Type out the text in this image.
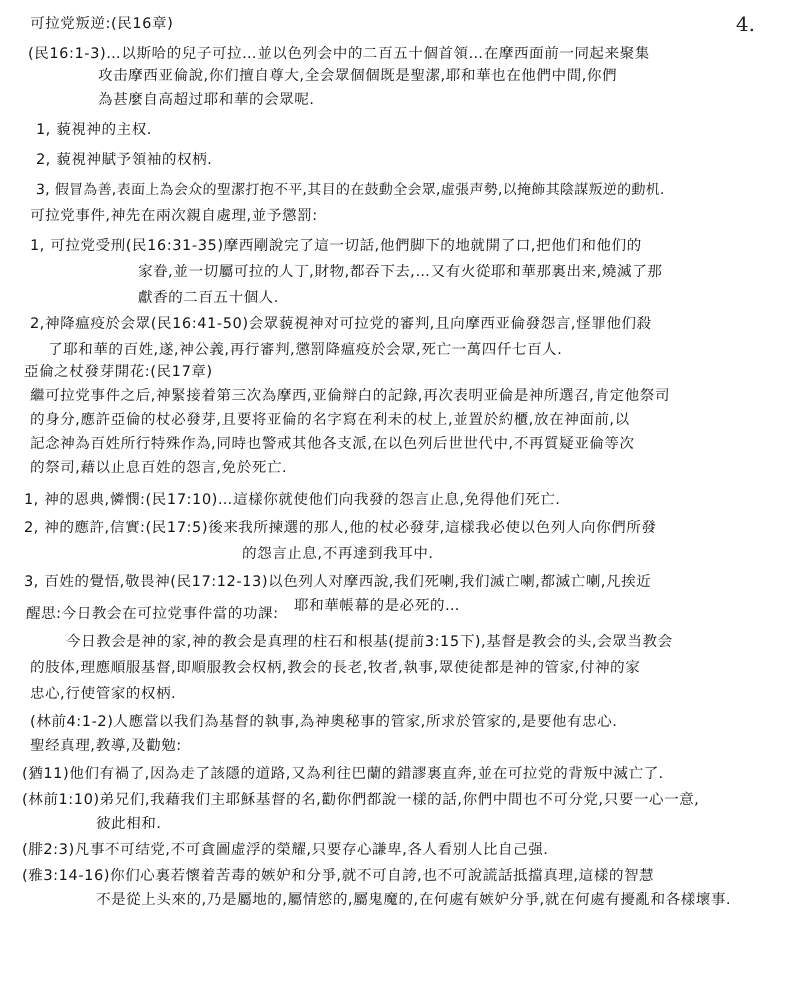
4.
可拉党叛逆:(民16章)
(民16:1-3)…以斯哈的兒子可拉…並以色列会中的二百五十個首領…在摩西面前一同起来聚集
攻击摩西亚倫說,你们擅自尊大,全会眾個個既是聖潔,耶和華也在他們中間,你們
為甚麼自高超过耶和華的会眾呢.
1, 藐視神的主权.
2, 藐視神賦予領袖的权柄.
3, 假冒為善,表面上為会众的聖潔打抱不平,其目的在鼓動全会眾,虛張声勢,以掩飾其陰謀叛逆的動机.
可拉党事件,神先在兩次親自處理,並予懲罰:
1, 可拉党受刑(民16:31-35)摩西剛說完了這一切話,他們脚下的地就開了口,把他们和他们的
家眷,並一切屬可拉的人丁,財物,都吞下去,…又有火從耶和華那裏出来,燒滅了那
獻香的二百五十個人.
2,神降瘟疫於会眾(民16:41-50)会眾藐視神对可拉党的審判,且向摩西亚倫發怨言,怪罪他们殺
了耶和華的百姓,遂,神公義,再行審判,懲罰降瘟疫於会眾,死亡一萬四仟七百人.
亞倫之杖發芽開花:(民17章)
繼可拉党事件之后,神緊接着第三次為摩西,亚倫辩白的記錄,再次表明亚倫是神所選召,肯定他祭司
的身分,應許亞倫的杖必發芽,且要将亚倫的名字寫在利未的杖上,並置於約櫃,放在神面前,以
記念神為百姓所行特殊作為,同時也警戒其他各支派,在以色列后世世代中,不再質疑亚倫等次
的祭司,藉以止息百姓的怨言,免於死亡.
1, 神的恩典,憐憫:(民17:10)…這樣你就使他们向我發的怨言止息,免得他们死亡.
2, 神的應許,信實:(民17:5)後来我所揀選的那人,他的杖必發芽,這樣我必使以色列人向你們所發
的怨言止息,不再達到我耳中.
3, 百姓的覺悟,敬畏神(民17:12-13)以色列人对摩西說,我们死喇,我们滅亡喇,都滅亡喇,凡挨近
耶和華帳幕的是必死的…
醒思:今日教会在可拉党事件當的功課:
今日教会是神的家,神的教会是真理的柱石和根基(提前3:15下),基督是教会的头,会眾当教会
的肢体,理應順服基督,即順服教会权柄,教会的長老,牧者,執事,眾使徒都是神的管家,付神的家
忠心,行使管家的权柄.
(林前4:1-2)人應當以我们為基督的執事,為神奧秘事的管家,所求於管家的,是要他有忠心.
聖经真理,教導,及勸勉:
(猶11)他们有禍了,因為走了該隱的道路,又為利往巴蘭的錯謬裏直奔,並在可拉党的背叛中滅亡了.
(林前1:10)弟兄们,我藉我们主耶穌基督的名,勸你們都說一樣的話,你們中間也不可分党,只要一心一意,
彼此相和.
(腓2:3)凡事不可结党,不可貪圖虛浮的榮耀,只要存心謙卑,各人看别人比自己强.
(雅3:14-16)你们心裏若懷着苦毒的嫉妒和分爭,就不可自誇,也不可說謊話抵擋真理,這樣的智慧
不是從上头來的,乃是屬地的,屬情慾的,屬鬼魔的,在何處有嫉妒分爭,就在何處有擾亂和各樣壞事.
